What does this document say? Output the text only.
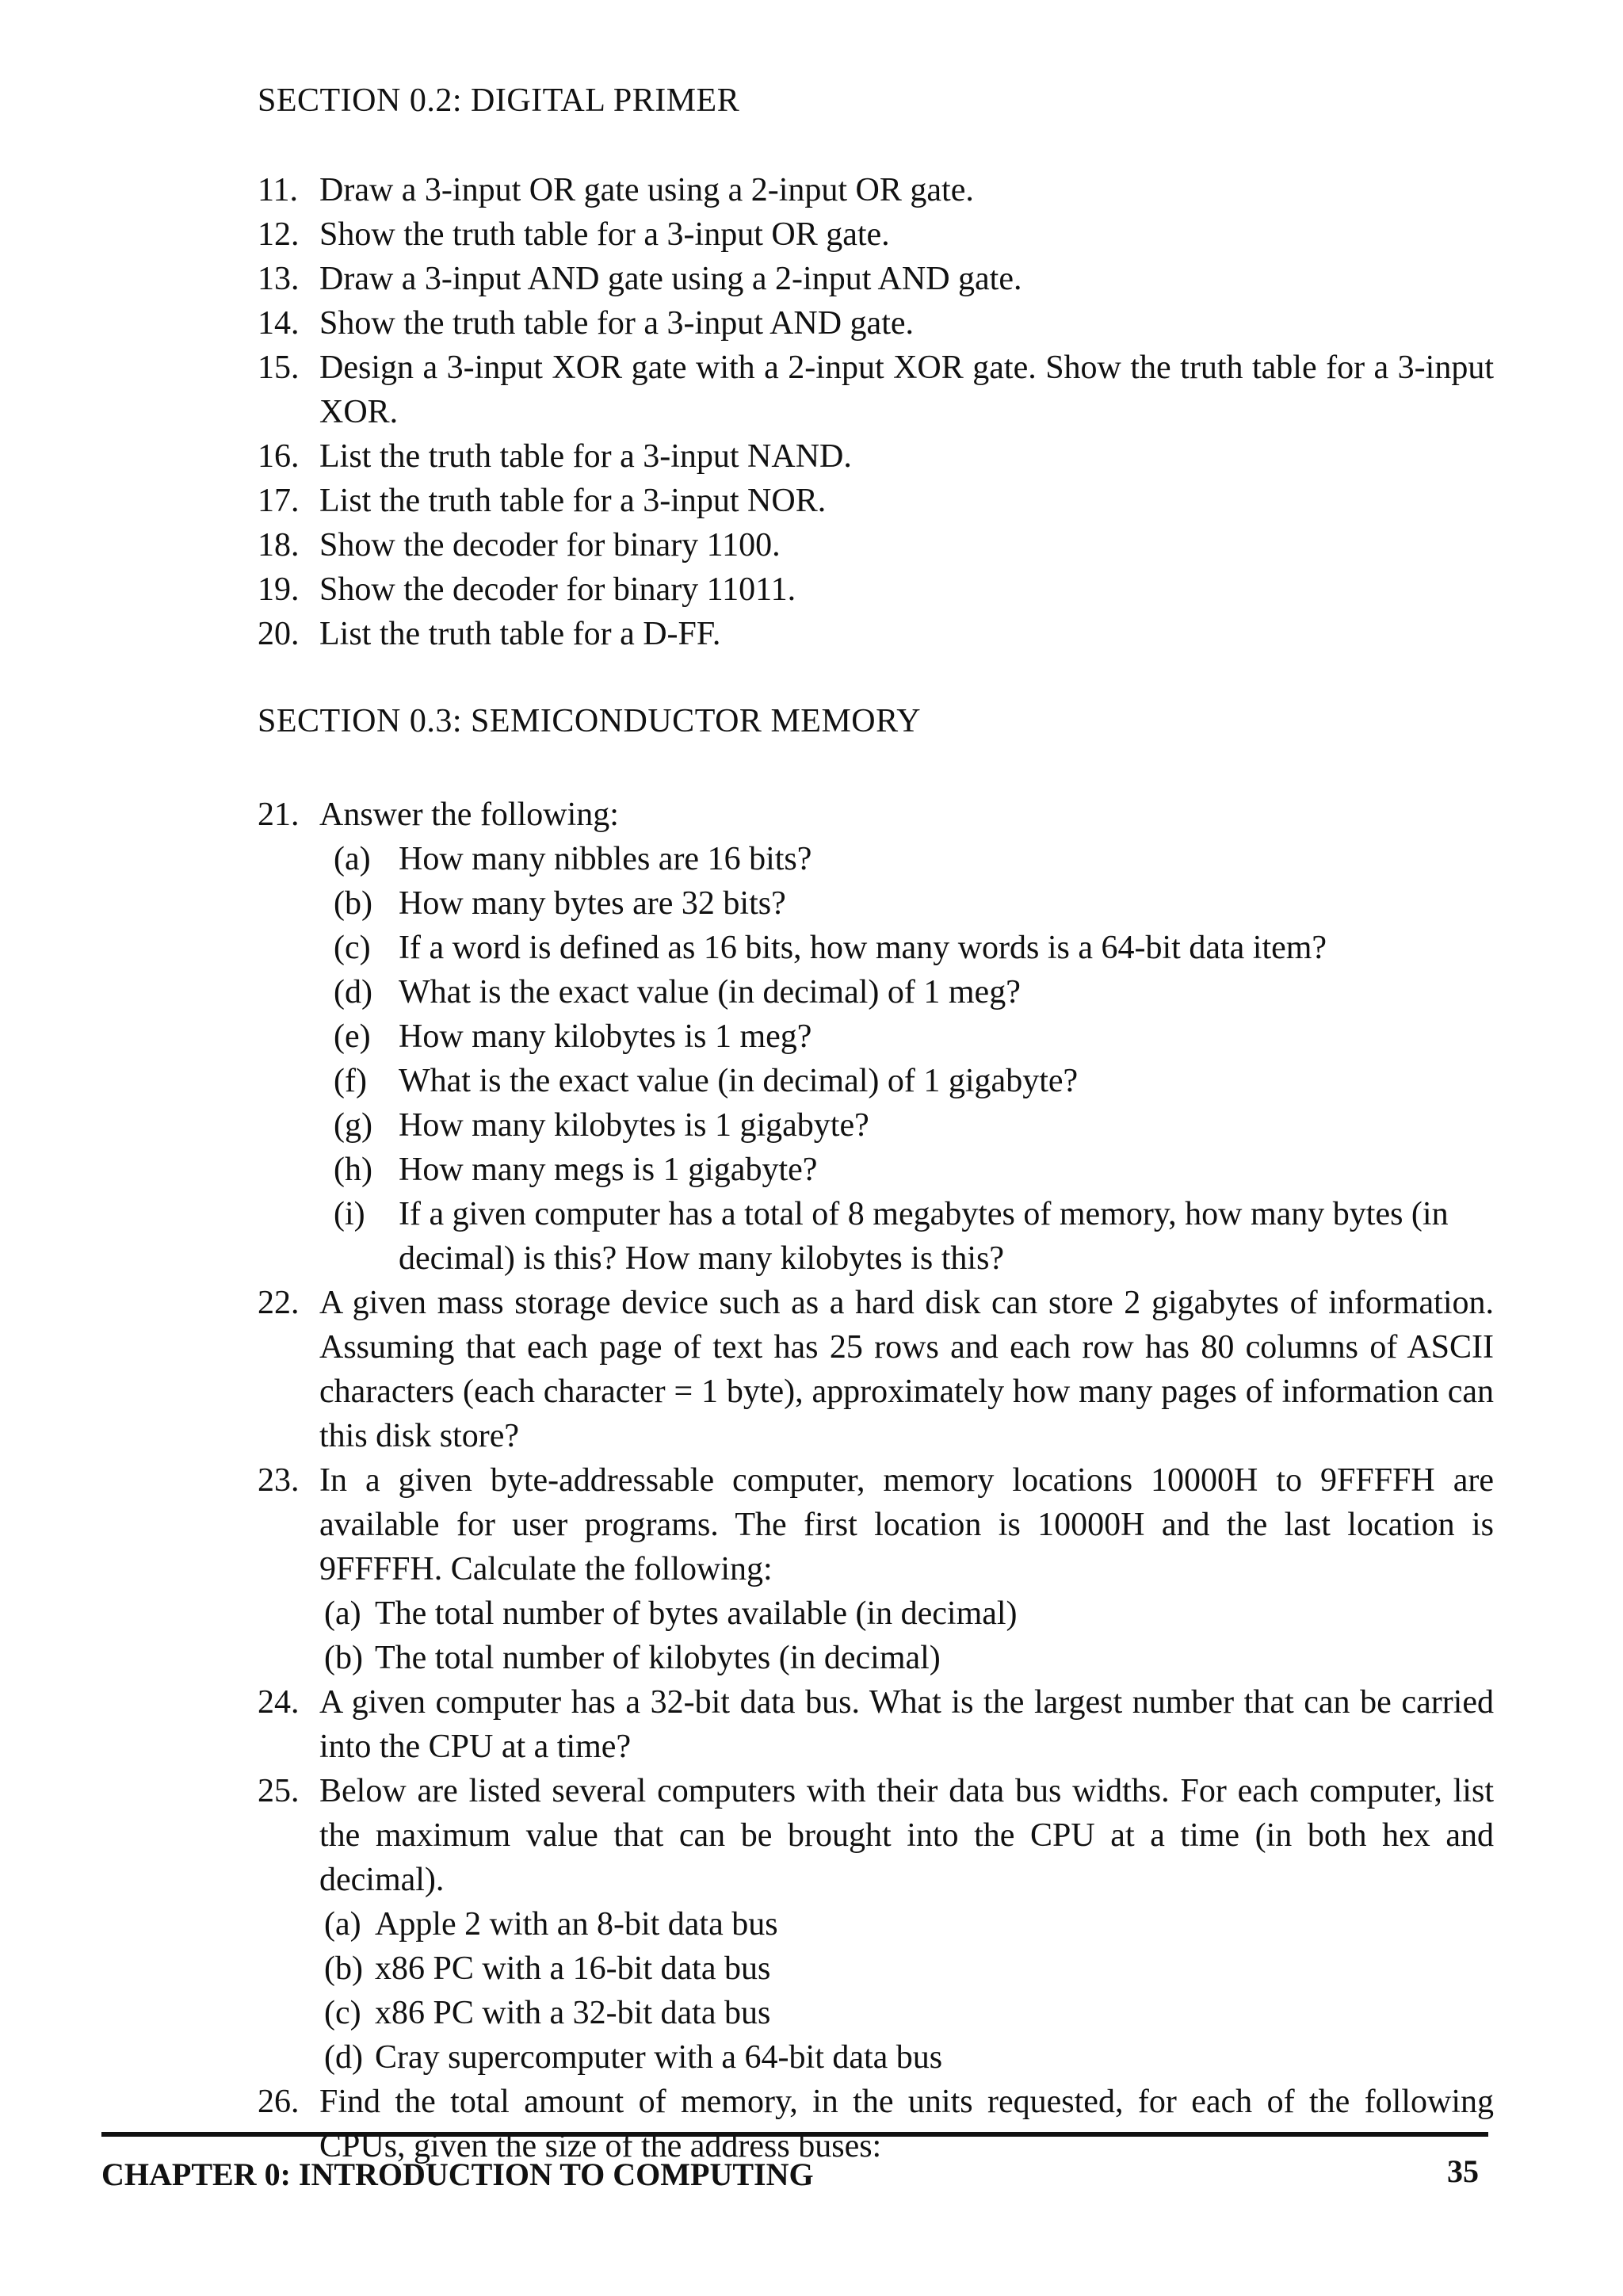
SECTION 0.2: DIGITAL PRIMER
11. Draw a 3-input OR gate using a 2-input OR gate.
12. Show the truth table for a 3-input OR gate.
13. Draw a 3-input AND gate using a 2-input AND gate.
14. Show the truth table for a 3-input AND gate.
15. Design a 3-input XOR gate with a 2-input XOR gate. Show the truth table for a 3-input XOR.
16. List the truth table for a 3-input NAND.
17. List the truth table for a 3-input NOR.
18. Show the decoder for binary 1100.
19. Show the decoder for binary 11011.
20. List the truth table for a D-FF.
SECTION 0.3: SEMICONDUCTOR MEMORY
21. Answer the following:
(a) How many nibbles are 16 bits?
(b) How many bytes are 32 bits?
(c) If a word is defined as 16 bits, how many words is a 64-bit data item?
(d) What is the exact value (in decimal) of 1 meg?
(e) How many kilobytes is 1 meg?
(f) What is the exact value (in decimal) of 1 gigabyte?
(g) How many kilobytes is 1 gigabyte?
(h) How many megs is 1 gigabyte?
(i)	If a given computer has a total of 8 megabytes of memory, how many bytes (in decimal) is this? How many kilobytes is this?
22. A given mass storage device such as a hard disk can store 2 gigabytes of information. Assuming that each page of text has 25 rows and each row has 80 columns of ASCII characters (each character = 1 byte), approximately how many pages of information can this disk store?
23. In a given byte-addressable computer, memory locations 10000H to 9FFFFH are available for user programs. The first location is 10000H and the last location is 9FFFFH. Calculate the following:
(a) The total number of bytes available (in decimal)
(b) The total number of kilobytes (in decimal)
24. A given computer has a 32-bit data bus. What is the largest number that can be carried into the CPU at a time?
25. Below are listed several computers with their data bus widths. For each computer, list the maximum value that can be brought into the CPU at a time (in both hex and decimal).
(a) Apple 2 with an 8-bit data bus
(b) x86 PC with a 16-bit data bus
(c) x86 PC with a 32-bit data bus
(d) Cray supercomputer with a 64-bit data bus
26. Find the total amount of memory, in the units requested, for each of the following CPUs, given the size of the address buses:
CHAPTER 0: INTRODUCTION TO COMPUTING	35
